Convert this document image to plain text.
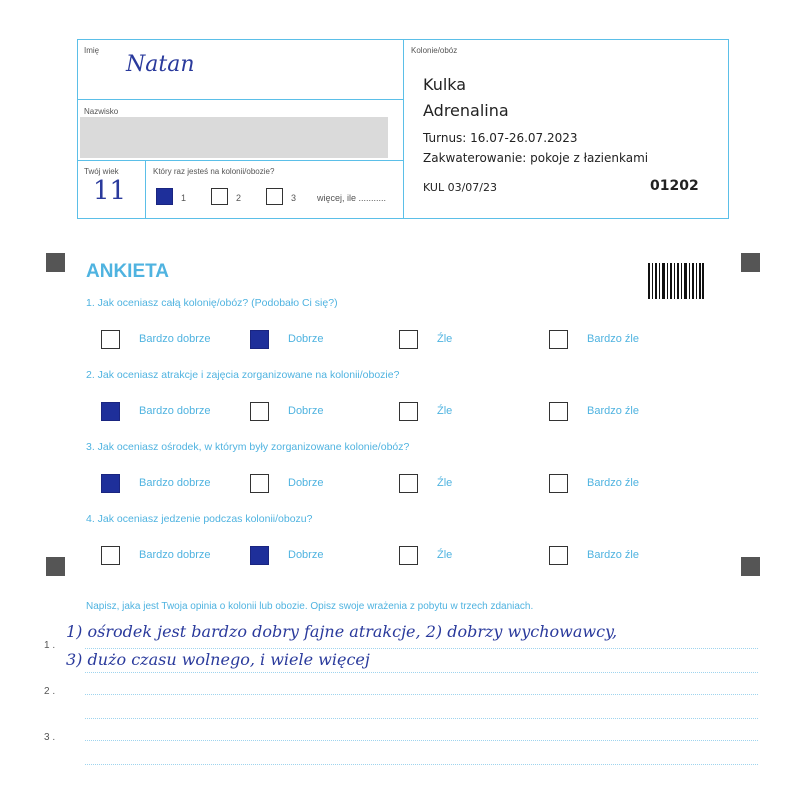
Imię
Natan
Nazwisko
Twój wiek
11
Który raz jesteś na kolonii/obozie?
1	2	3 więcej, ile ...........
Kolonie/obóz
Kulka
Adrenalina
Turnus: 16.07-26.07.2023
Zakwaterowanie: pokoje z łazienkami
KUL 03/07/23	01202
ANKIETA
1. Jak oceniasz całą kolonię/obóz? (Podobało Ci się?)
2. Jak oceniasz atrakcje i zajęcia zorganizowane na kolonii/obozie?
3. Jak oceniasz ośrodek, w którym były zorganizowane kolonie/obóz?
4. Jak oceniasz jedzenie podczas kolonii/obozu?
Bardzo dobrze	Dobrze	Źle	Bardzo źle
Bardzo dobrze	Dobrze	Źle	Bardzo źle
Bardzo dobrze	Dobrze	Źle	Bardzo źle
Bardzo dobrze	Dobrze	Źle	Bardzo źle
Napisz, jaka jest Twoja opinia o kolonii lub obozie. Opisz swoje wrażenia z pobytu w trzech zdaniach.
1 .
2 .
3 .
1) ośrodek jest bardzo dobry fajne atrakcje, 2) dobrzy wychowawcy,
3) dużo czasu wolnego, i wiele więcej
